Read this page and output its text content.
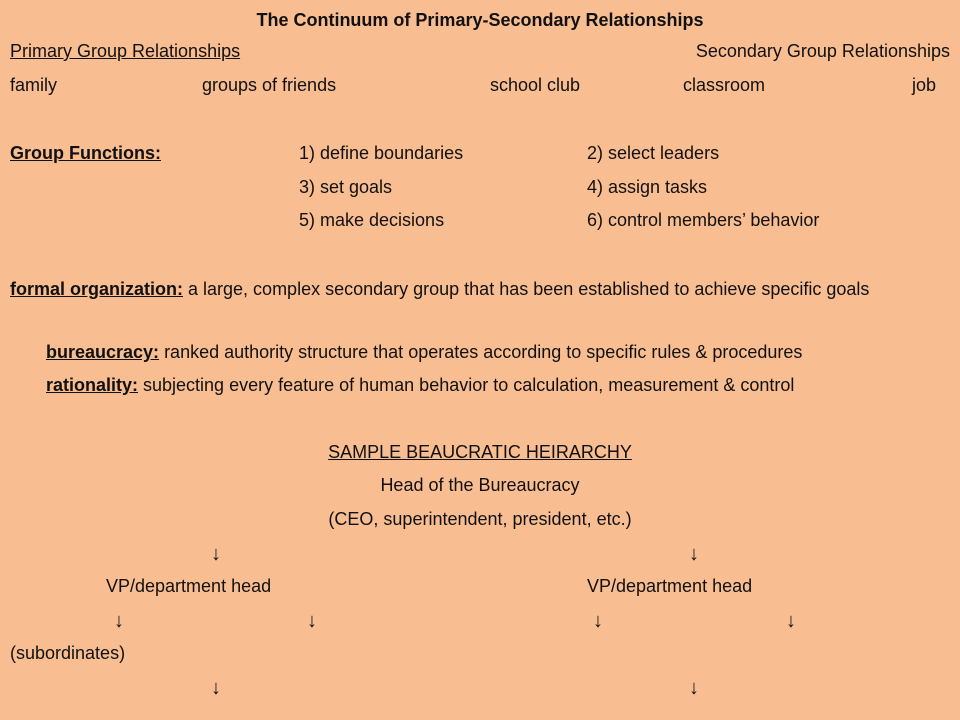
The Continuum of Primary-Secondary Relationships
Primary Group Relationships	Secondary Group Relationships
family	groups of friends	school club	classroom	job
Group Functions:	1) define boundaries	2) select leaders
3) set goals	4) assign tasks
5) make decisions	6) control members’ behavior
formal organization: a large, complex secondary group that has been established to achieve specific goals
bureaucracy: ranked authority structure that operates according to specific rules & procedures
rationality: subjecting every feature of human behavior to calculation, measurement & control
SAMPLE BEAUCRATIC HEIRARCHY
Head of the Bureaucracy
(CEO, superintendent, president, etc.)
↓	↓
VP/department head	VP/department head
↓	↓	↓	↓
(subordinates)
↓	↓
